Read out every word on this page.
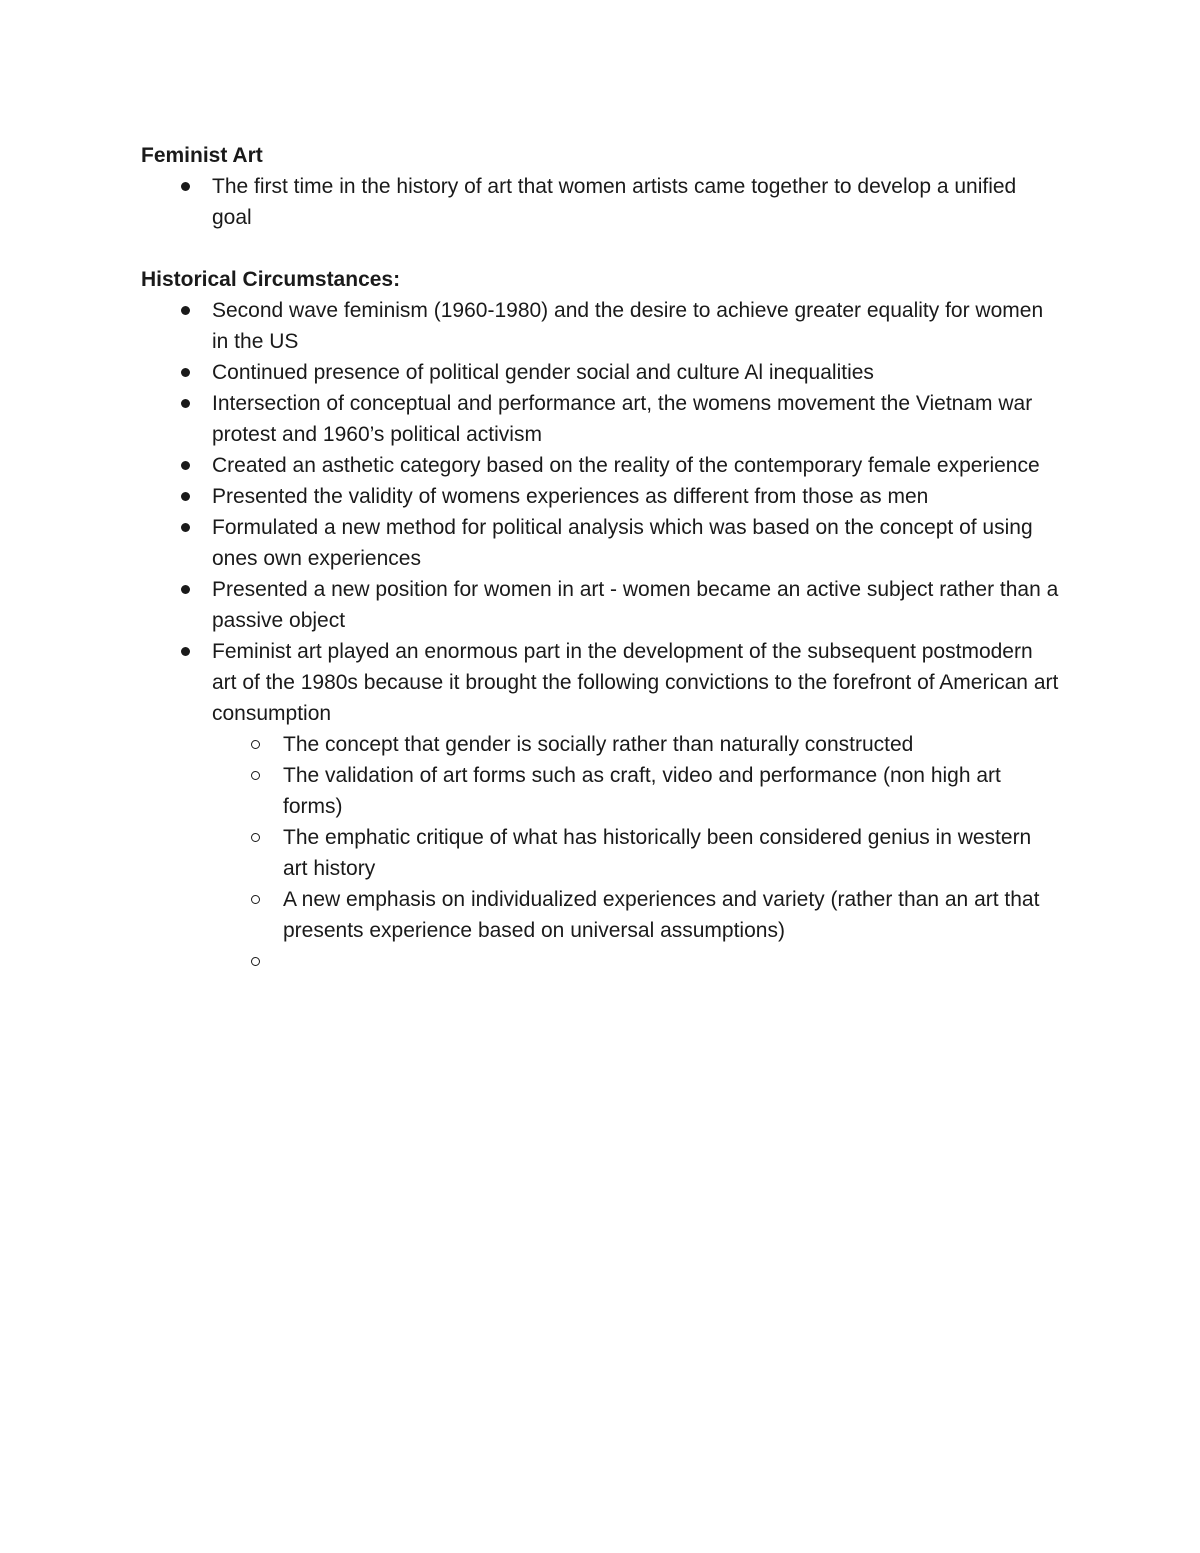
Feminist Art
The first time in the history of art that women artists came together to develop a unified goal
Historical Circumstances:
Second wave feminism (1960-1980) and the desire to achieve greater equality for women in the US
Continued presence of political gender social and culture Al inequalities
Intersection of conceptual and performance art, the womens movement the Vietnam war protest and 1960’s political activism
Created an asthetic category based on the reality of the contemporary female experience
Presented the validity of womens experiences as different from those as men
Formulated a new method for political analysis which was based on the concept of using ones own experiences
Presented a new position for women in art - women became an active subject rather than a passive object
Feminist art played an enormous part in the development of the subsequent postmodern art of the 1980s because it brought the following convictions to the forefront of American art consumption
The concept that gender is socially rather than naturally constructed
The validation of art forms such as craft, video and performance (non high art forms)
The emphatic critique of what has historically been considered genius in western art history
A new emphasis on individualized experiences and variety (rather than an art that presents experience based on universal assumptions)
